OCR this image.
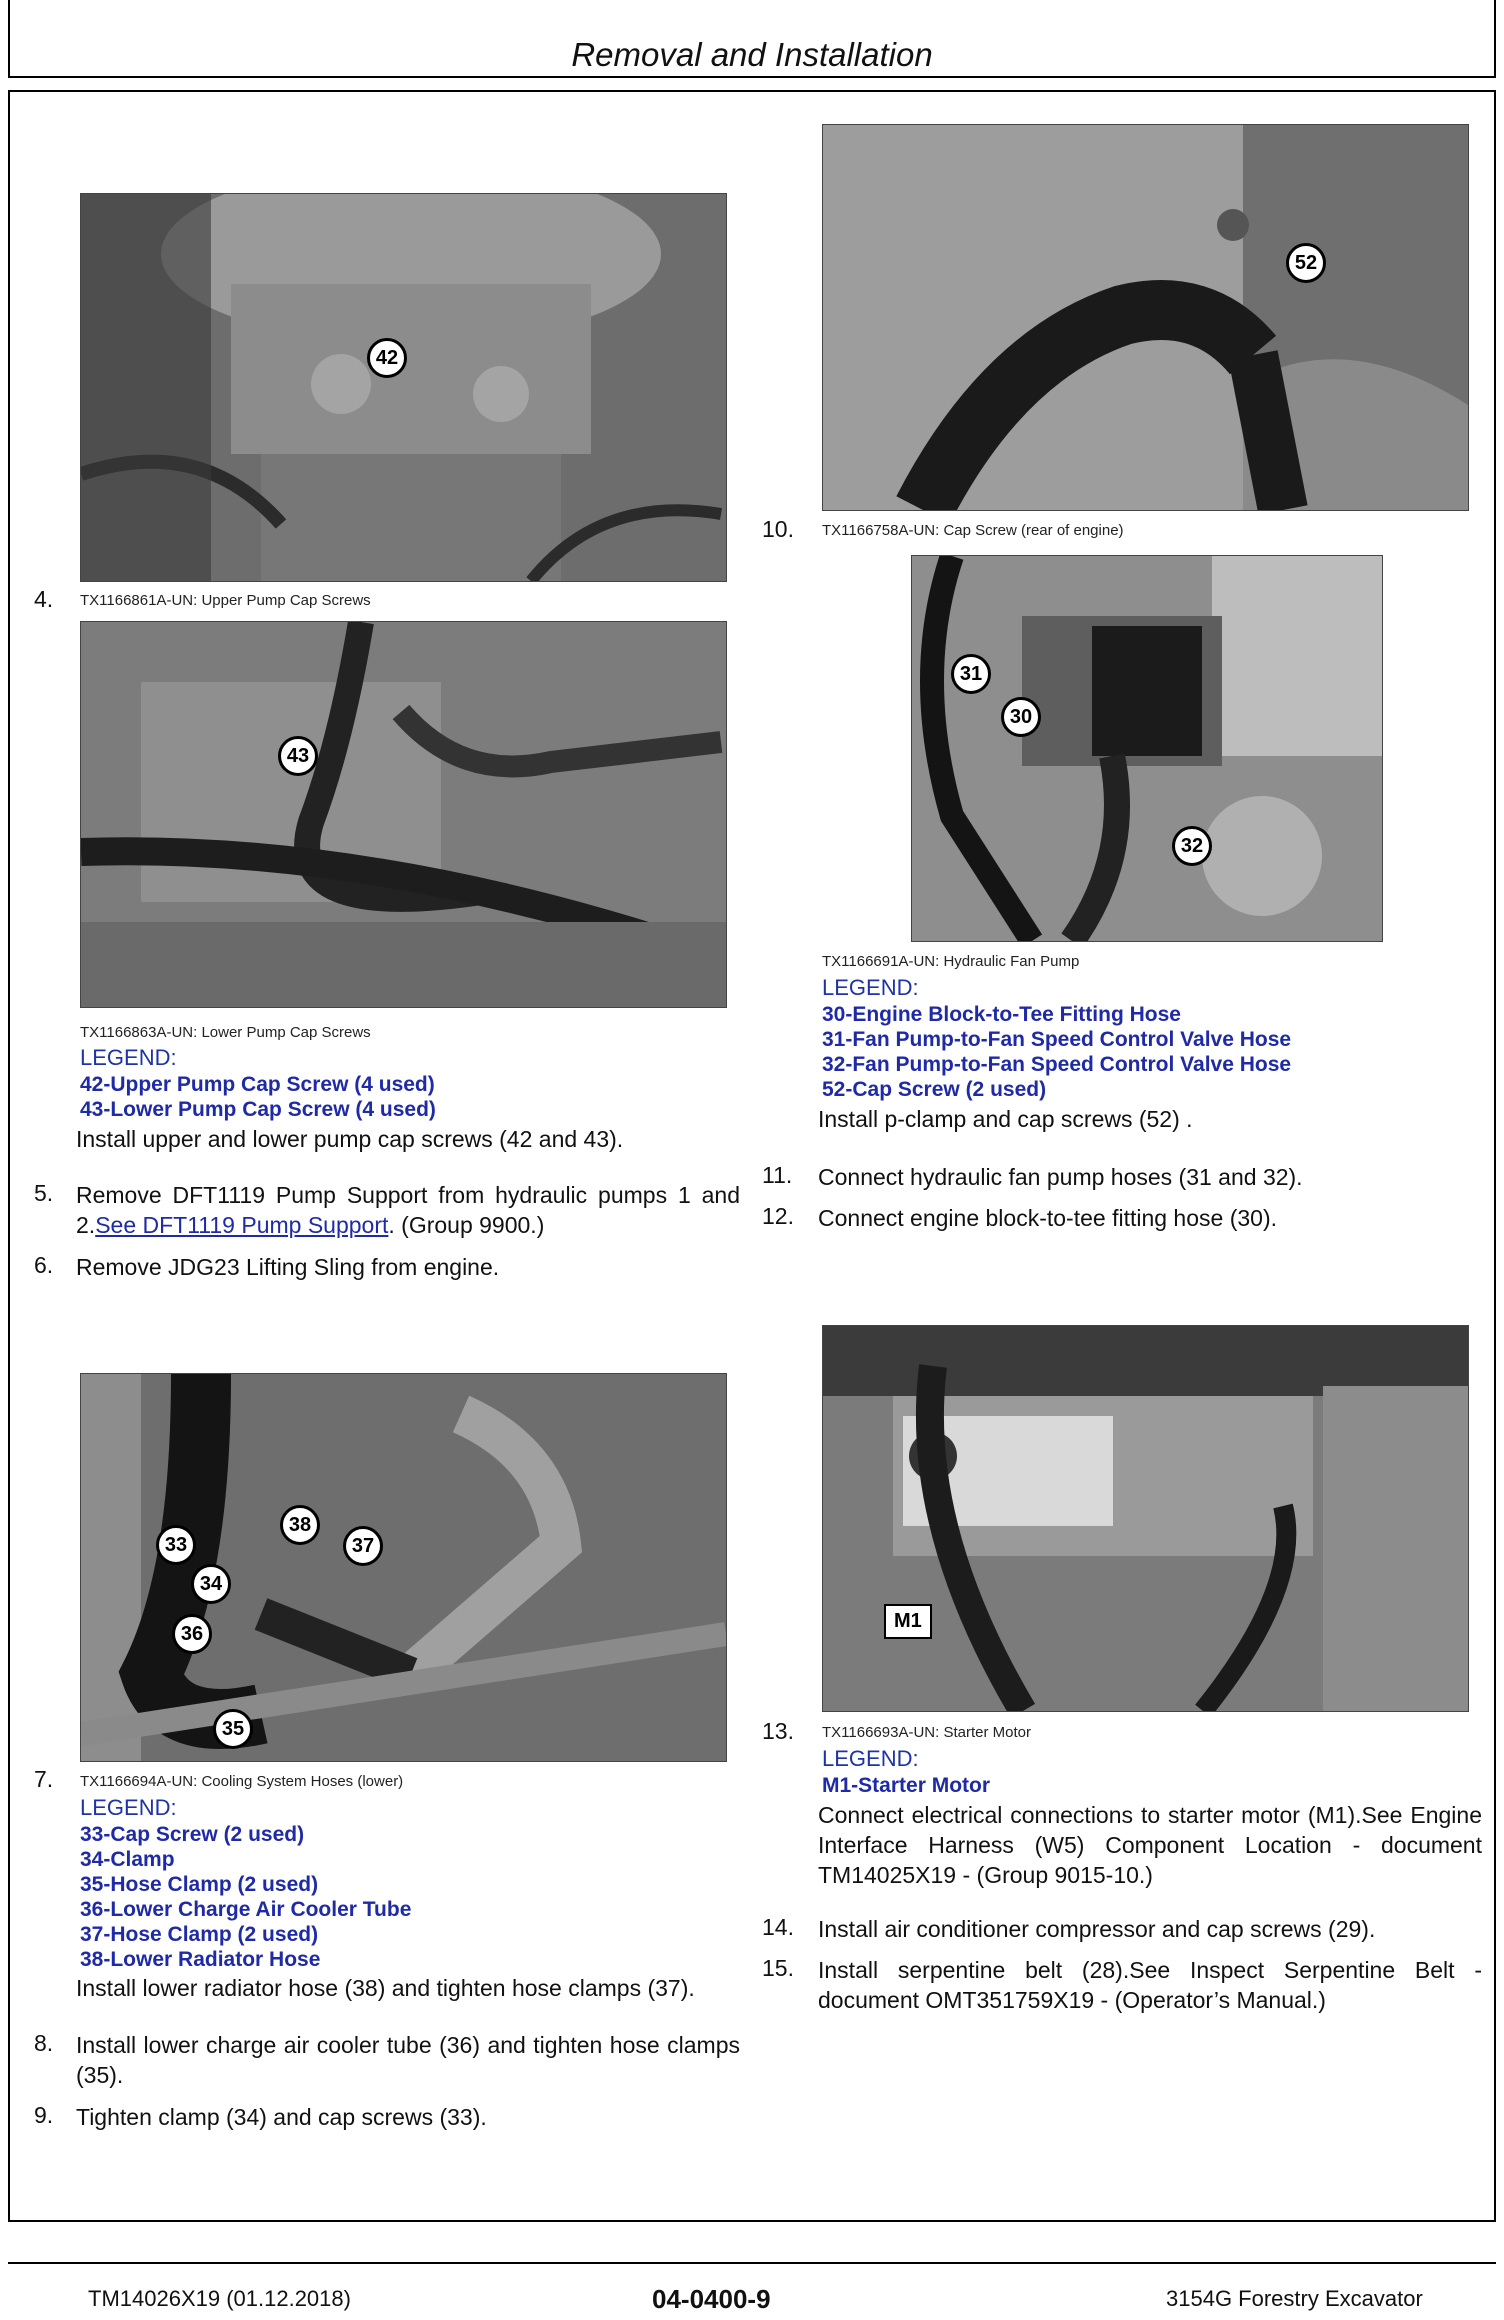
Removal and Installation
42
4. TX1166861A-UN: Upper Pump Cap Screws
43
TX1166863A-UN: Lower Pump Cap Screws
LEGEND:
42-Upper Pump Cap Screw (4 used)
43-Lower Pump Cap Screw (4 used)
Install upper and lower pump cap screws (42 and 43).
5. Remove DFT1119 Pump Support from hydraulic pumps 1 and 2.See DFT1119 Pump Support. (Group 9900.)
6. Remove JDG23 Lifting Sling from engine.
33
34
36
35
38
37
7. TX1166694A-UN: Cooling System Hoses (lower)
LEGEND:
33-Cap Screw (2 used)
34-Clamp
35-Hose Clamp (2 used)
36-Lower Charge Air Cooler Tube
37-Hose Clamp (2 used)
38-Lower Radiator Hose
Install lower radiator hose (38) and tighten hose clamps (37).
8. Install lower charge air cooler tube (36) and tighten hose clamps (35).
9. Tighten clamp (34) and cap screws (33).
52
10. TX1166758A-UN: Cap Screw (rear of engine)
31
30
32
TX1166691A-UN: Hydraulic Fan Pump
LEGEND:
30-Engine Block-to-Tee Fitting Hose
31-Fan Pump-to-Fan Speed Control Valve Hose
32-Fan Pump-to-Fan Speed Control Valve Hose
52-Cap Screw (2 used)
Install p-clamp and cap screws (52) .
11. Connect hydraulic fan pump hoses (31 and 32).
12. Connect engine block-to-tee fitting hose (30).
M1
13. TX1166693A-UN: Starter Motor
LEGEND:
M1-Starter Motor
Connect electrical connections to starter motor (M1).See Engine Interface Harness (W5) Component Location - document TM14025X19 - (Group 9015-10.)
14. Install air conditioner compressor and cap screws (29).
15. Install serpentine belt (28).See Inspect Serpentine Belt - document OMT351759X19 - (Operator’s Manual.)
TM14026X19 (01.12.2018)	04-0400-9	3154G Forestry Excavator
